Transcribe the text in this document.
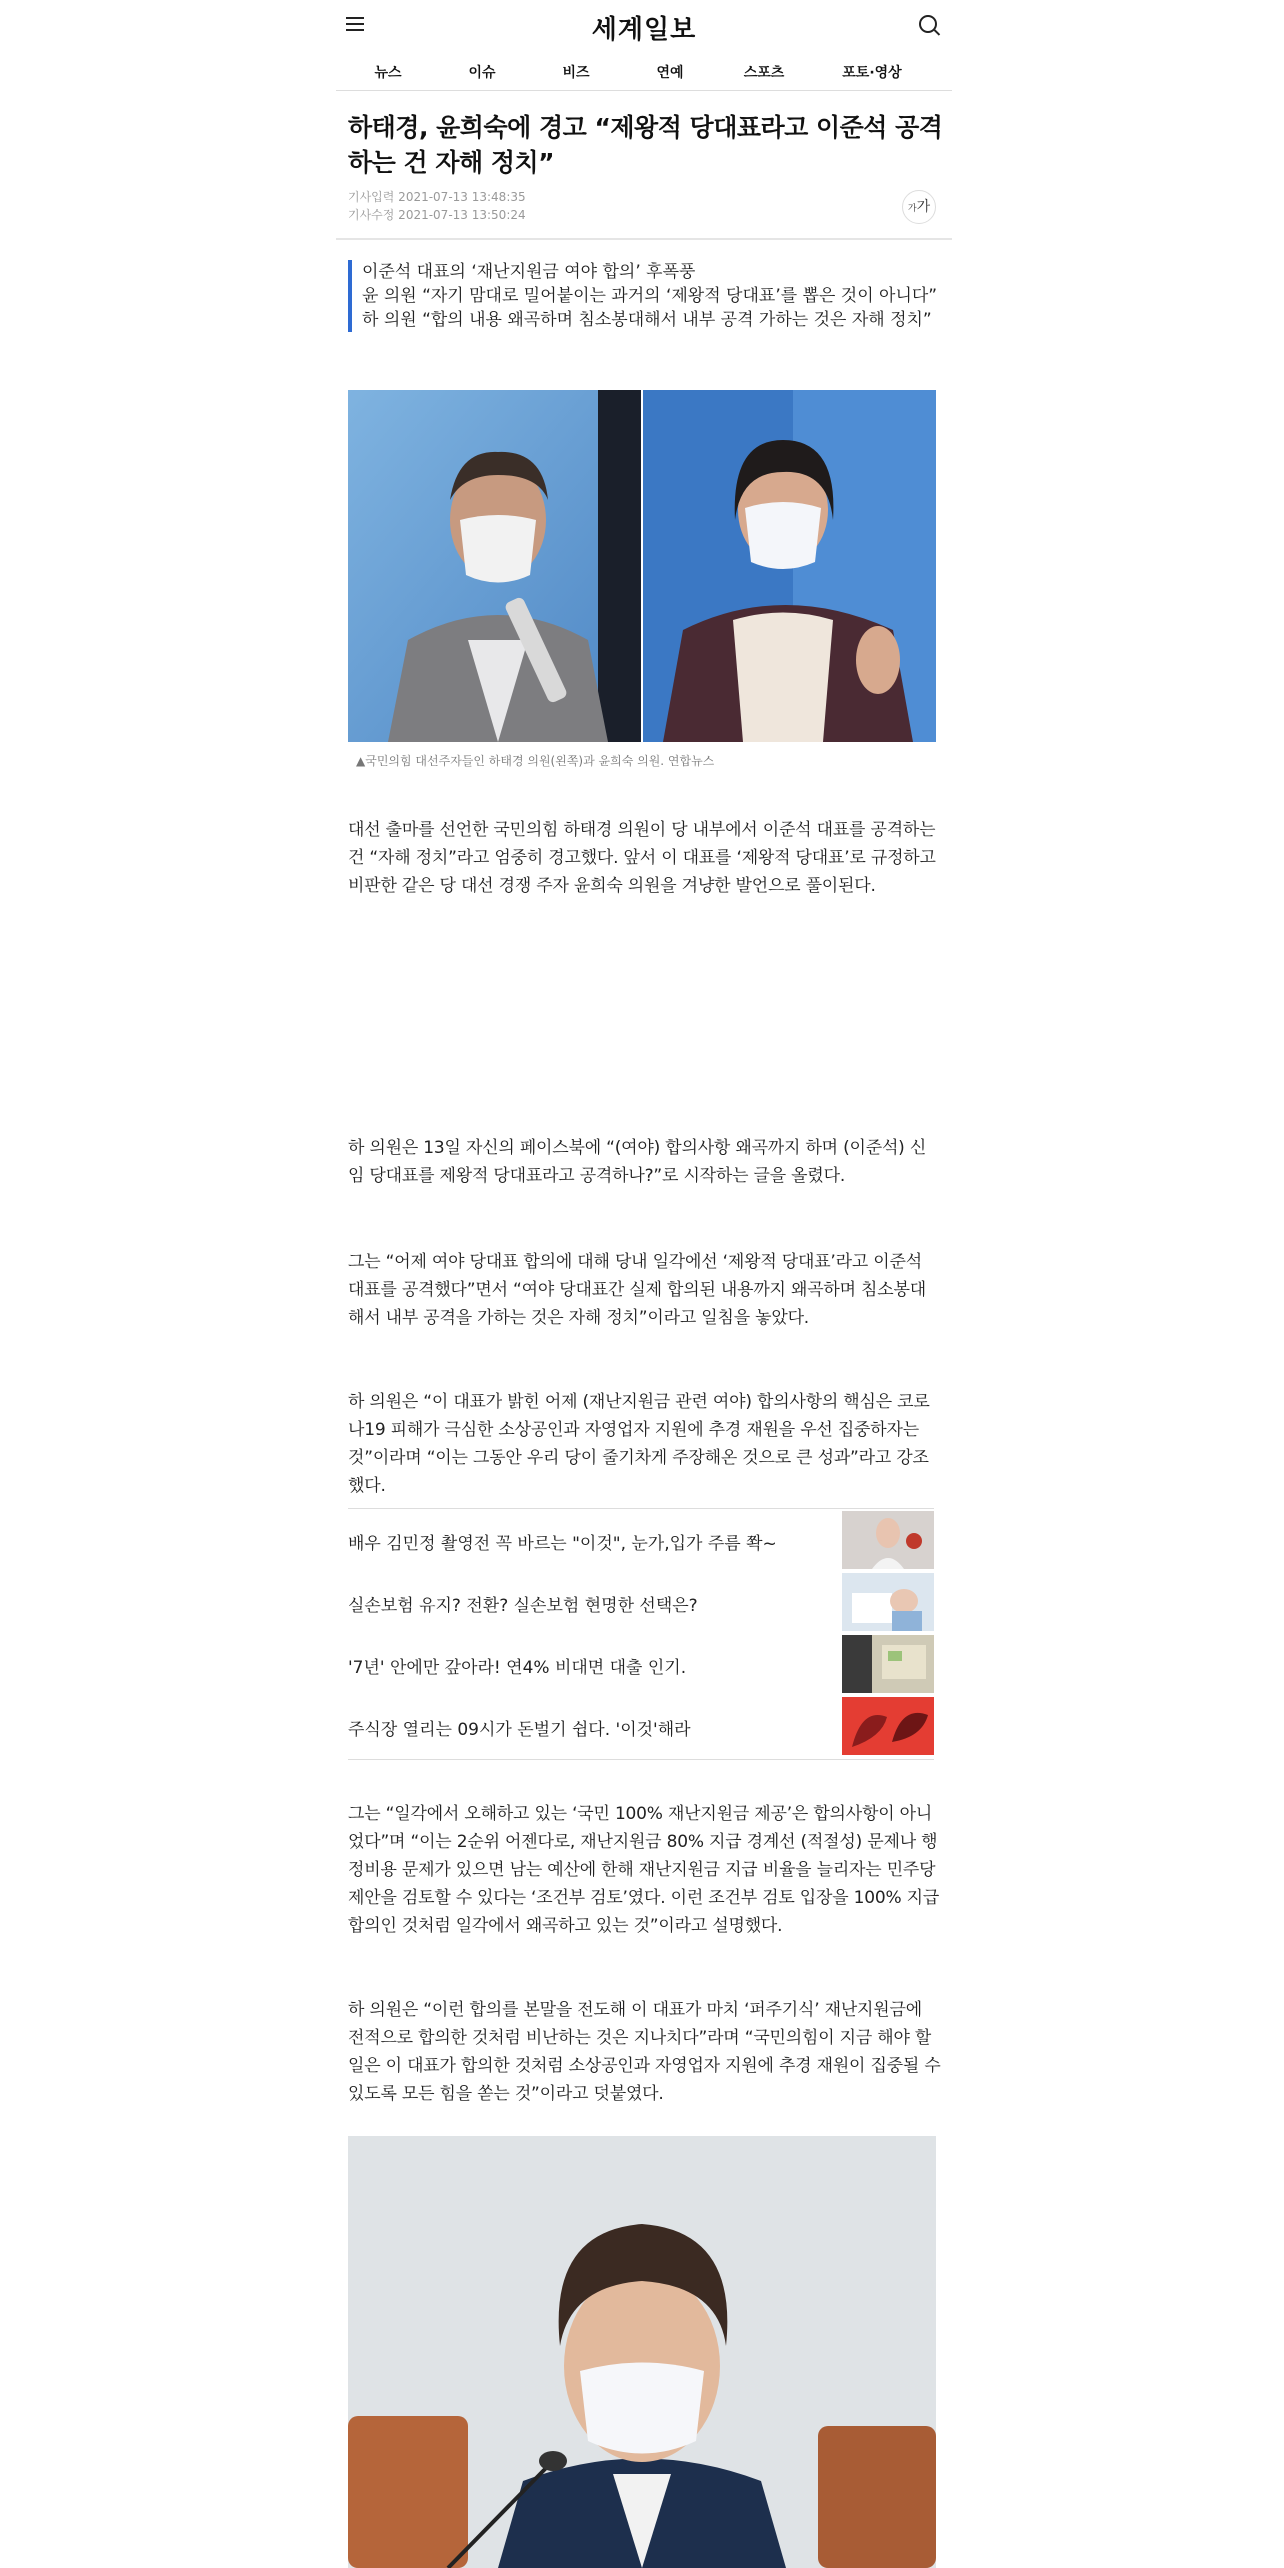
세계일보
뉴스	이슈	비즈	연예	스포츠	포토·영상
하태경, 윤희숙에 경고 “제왕적 당대표라고 이준석 공격하는 건 자해 정치”
기사입력 2021-07-13 13:48:35
기사수정 2021-07-13 13:50:24	가가
이준석 대표의 ‘재난지원금 여야 합의’ 후폭풍
윤 의원 “자기 맘대로 밀어붙이는 과거의 ‘제왕적 당대표’를 뽑은 것이 아니다”
하 의원 “합의 내용 왜곡하며 침소봉대해서 내부 공격 가하는 것은 자해 정치”
▲국민의힘 대선주자들인 하태경 의원(왼쪽)과 윤희숙 의원. 연합뉴스
대선 출마를 선언한 국민의힘 하태경 의원이 당 내부에서 이준석 대표를 공격하는 건 “자해 정치”라고 엄중히 경고했다. 앞서 이 대표를 ‘제왕적 당대표’로 규정하고 비판한 같은 당 대선 경쟁 주자 윤희숙 의원을 겨냥한 발언으로 풀이된다.
하 의원은 13일 자신의 페이스북에 “(여야) 합의사항 왜곡까지 하며 (이준석) 신임 당대표를 제왕적 당대표라고 공격하나?”로 시작하는 글을 올렸다.
그는 “어제 여야 당대표 합의에 대해 당내 일각에선 ‘제왕적 당대표’라고 이준석 대표를 공격했다”면서 “여야 당대표간 실제 합의된 내용까지 왜곡하며 침소봉대해서 내부 공격을 가하는 것은 자해 정치”이라고 일침을 놓았다.
하 의원은 “이 대표가 밝힌 어제 (재난지원금 관련 여야) 합의사항의 핵심은 코로나19 피해가 극심한 소상공인과 자영업자 지원에 추경 재원을 우선 집중하자는 것”이라며 “이는 그동안 우리 당이 줄기차게 주장해온 것으로 큰 성과”라고 강조했다.
배우 김민정 촬영전 꼭 바르는 "이것", 눈가,입가 주름 쫙~
실손보험 유지? 전환? 실손보험 현명한 선택은?
'7년' 안에만 갚아라! 연4% 비대면 대출 인기.
주식장 열리는 09시가 돈벌기 쉽다. '이것'해라
그는 “일각에서 오해하고 있는 ‘국민 100% 재난지원금 제공’은 합의사항이 아니었다”며 “이는 2순위 어젠다로, 재난지원금 80% 지급 경계선 (적절성) 문제나 행정비용 문제가 있으면 남는 예산에 한해 재난지원금 지급 비율을 늘리자는 민주당 제안을 검토할 수 있다는 ‘조건부 검토’였다. 이런 조건부 검토 입장을 100% 지급 합의인 것처럼 일각에서 왜곡하고 있는 것”이라고 설명했다.
하 의원은 “이런 합의를 본말을 전도해 이 대표가 마치 ‘퍼주기식’ 재난지원금에 전적으로 합의한 것처럼 비난하는 것은 지나치다”라며 “국민의힘이 지금 해야 할 일은 이 대표가 합의한 것처럼 소상공인과 자영업자 지원에 추경 재원이 집중될 수 있도록 모든 힘을 쏟는 것”이라고 덧붙였다.
